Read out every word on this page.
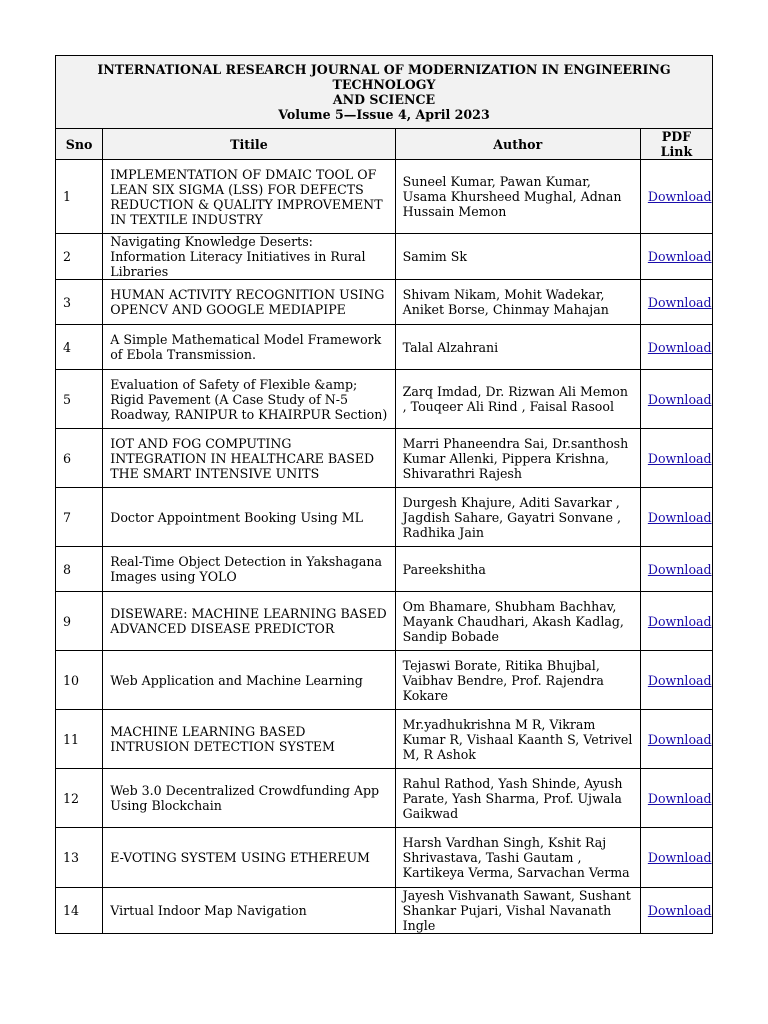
INTERNATIONAL RESEARCH JOURNAL OF MODERNIZATION IN ENGINEERING TECHNOLOGY
AND SCIENCE
Volume 5—Issue 4, April 2023			

Sno	Titile	Author	PDF Link
1	IMPLEMENTATION OF DMAIC TOOL OF LEAN SIX SIGMA (LSS) FOR DEFECTS REDUCTION & QUALITY IMPROVEMENT IN TEXTILE INDUSTRY	Suneel Kumar, Pawan Kumar, Usama Khursheed Mughal, Adnan Hussain Memon	Download
2	Navigating Knowledge Deserts: Information Literacy Initiatives in Rural Libraries	Samim Sk	Download
3	HUMAN ACTIVITY RECOGNITION USING OPENCV AND GOOGLE MEDIAPIPE	Shivam Nikam, Mohit Wadekar, Aniket Borse, Chinmay Mahajan	Download
4	A Simple Mathematical Model Framework of Ebola Transmission.	Talal Alzahrani	Download
5	Evaluation of Safety of Flexible &amp; Rigid Pavement (A Case Study of N-5 Roadway, RANIPUR to KHAIRPUR Section)	Zarq Imdad, Dr. Rizwan Ali Memon , Touqeer Ali Rind , Faisal Rasool	Download
6	IOT AND FOG COMPUTING INTEGRATION IN HEALTHCARE BASED THE SMART INTENSIVE UNITS	Marri Phaneendra Sai, Dr.santhosh Kumar Allenki, Pippera Krishna, Shivarathri Rajesh	Download
7	Doctor Appointment Booking Using ML	Durgesh Khajure, Aditi Savarkar , Jagdish Sahare, Gayatri Sonvane , Radhika Jain	Download
8	Real-Time Object Detection in Yakshagana Images using YOLO	Pareekshitha	Download
9	DISEWARE: MACHINE LEARNING BASED ADVANCED DISEASE PREDICTOR	Om Bhamare, Shubham Bachhav, Mayank Chaudhari, Akash Kadlag, Sandip Bobade	Download
10	Web Application and Machine Learning	Tejaswi Borate, Ritika Bhujbal, Vaibhav Bendre, Prof. Rajendra Kokare	Download
11	MACHINE LEARNING BASED INTRUSION DETECTION SYSTEM	Mr.yadhukrishna M R, Vikram Kumar R, Vishaal Kaanth S, Vetrivel M, R Ashok	Download
12	Web 3.0 Decentralized Crowdfunding App Using Blockchain	Rahul Rathod, Yash Shinde, Ayush Parate, Yash Sharma, Prof. Ujwala Gaikwad	Download
13	E-VOTING SYSTEM USING ETHEREUM	Harsh Vardhan Singh, Kshit Raj Shrivastava, Tashi Gautam , Kartikeya Verma, Sarvachan Verma	Download
14	Virtual Indoor Map Navigation	Jayesh Vishvanath Sawant, Sushant Shankar Pujari, Vishal Navanath Ingle	Download
